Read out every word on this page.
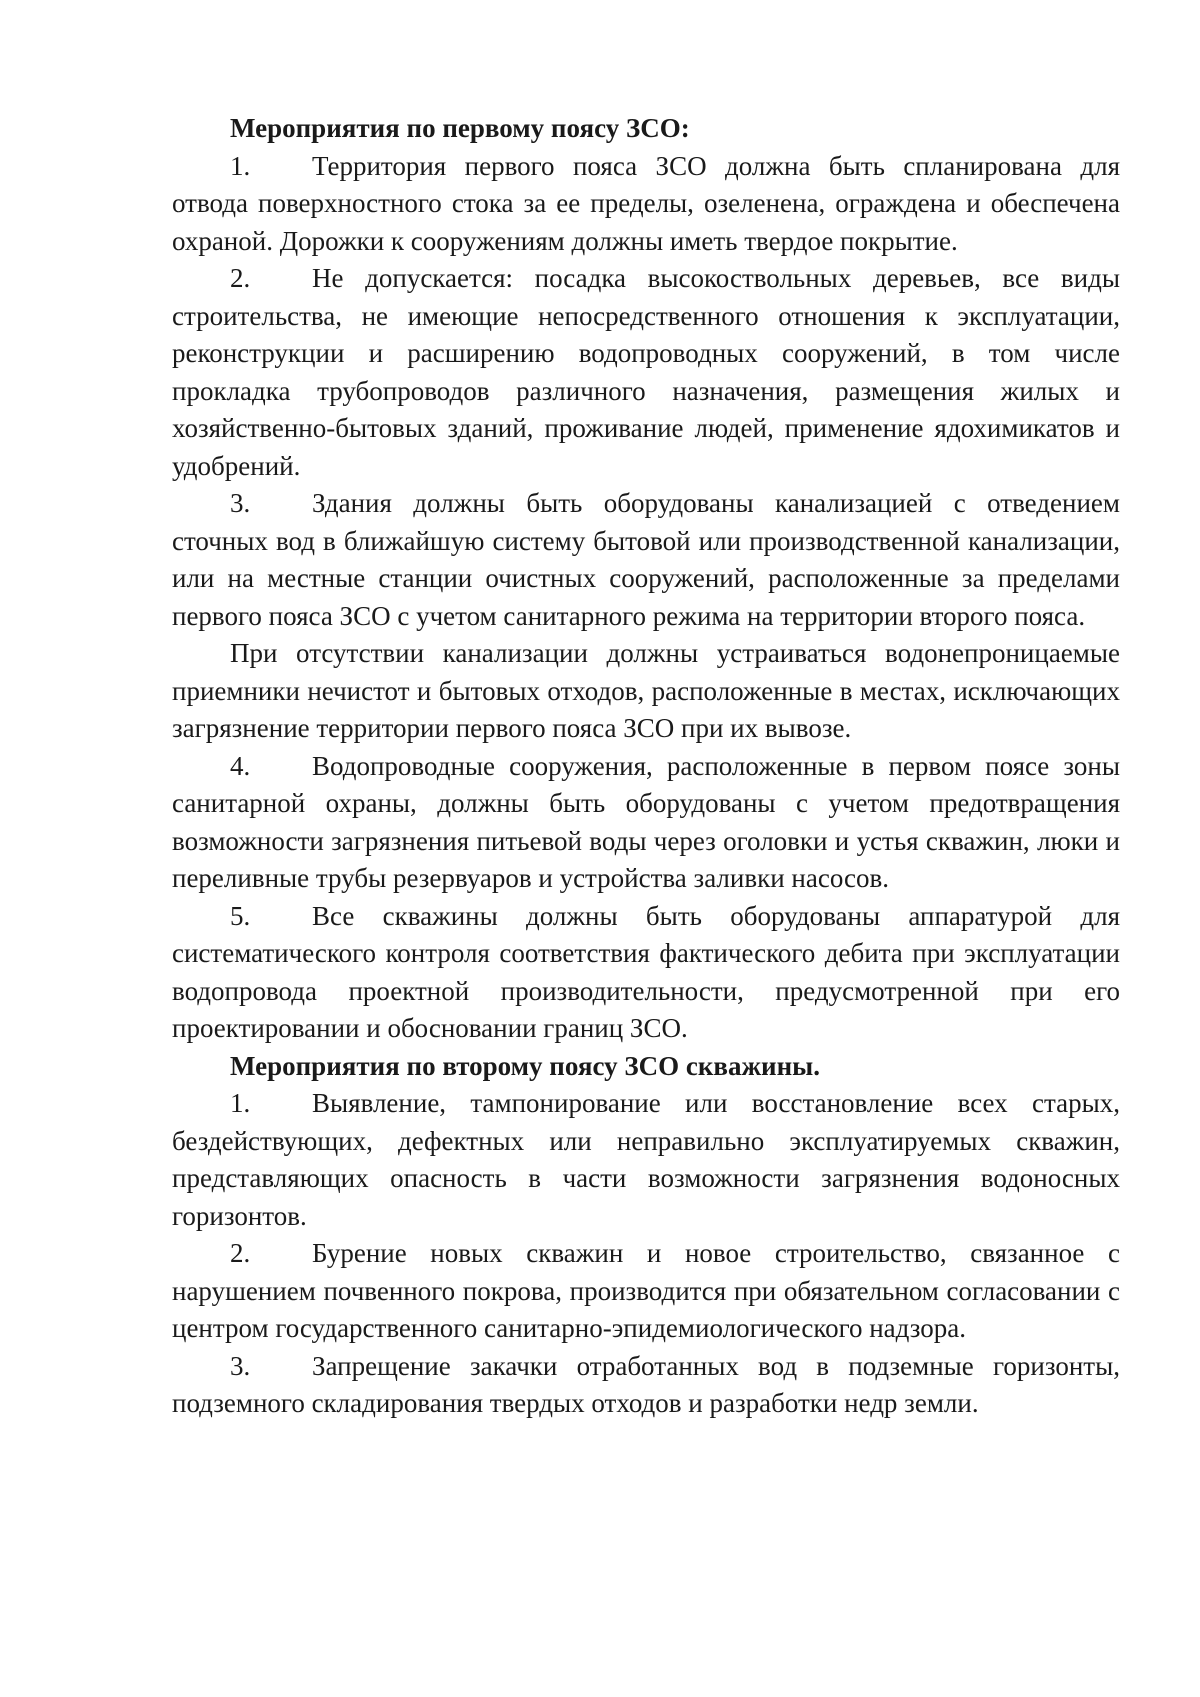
Мероприятия по первому поясу ЗСО:

1. Территория первого пояса ЗСО должна быть спланирована для отвода поверхностного стока за ее пределы, озеленена, ограждена и обеспечена охраной. Дорожки к сооружениям должны иметь твердое покрытие.

2. Не допускается: посадка высокоствольных деревьев, все виды строительства, не имеющие непосредственного отношения к эксплуатации, реконструкции и расширению водопроводных сооружений, в том числе прокладка трубопроводов различного назначения, размещения жилых и хозяйственно-бытовых зданий, проживание людей, применение ядохимикатов и удобрений.

3. Здания должны быть оборудованы канализацией с отведением сточных вод в ближайшую систему бытовой или производственной канализации, или на местные станции очистных сооружений, расположенные за пределами первого пояса ЗСО с учетом санитарного режима на территории второго пояса.

При отсутствии канализации должны устраиваться водонепроницаемые приемники нечистот и бытовых отходов, расположенные в местах, исключающих загрязнение территории первого пояса ЗСО при их вывозе.

4. Водопроводные сооружения, расположенные в первом поясе зоны санитарной охраны, должны быть оборудованы с учетом предотвращения возможности загрязнения питьевой воды через оголовки и устья скважин, люки и переливные трубы резервуаров и устройства заливки насосов.

5. Все скважины должны быть оборудованы аппаратурой для систематического контроля соответствия фактического дебита при эксплуатации водопровода проектной производительности, предусмотренной при его проектировании и обосновании границ ЗСО.

Мероприятия по второму поясу ЗСО скважины.

1. Выявление, тампонирование или восстановление всех старых, бездействующих, дефектных или неправильно эксплуатируемых скважин, представляющих опасность в части возможности загрязнения водоносных горизонтов.

2. Бурение новых скважин и новое строительство, связанное с нарушением почвенного покрова, производится при обязательном согласовании с центром государственного санитарно-эпидемиологического надзора.

3. Запрещение закачки отработанных вод в подземные горизонты, подземного складирования твердых отходов и разработки недр земли.
